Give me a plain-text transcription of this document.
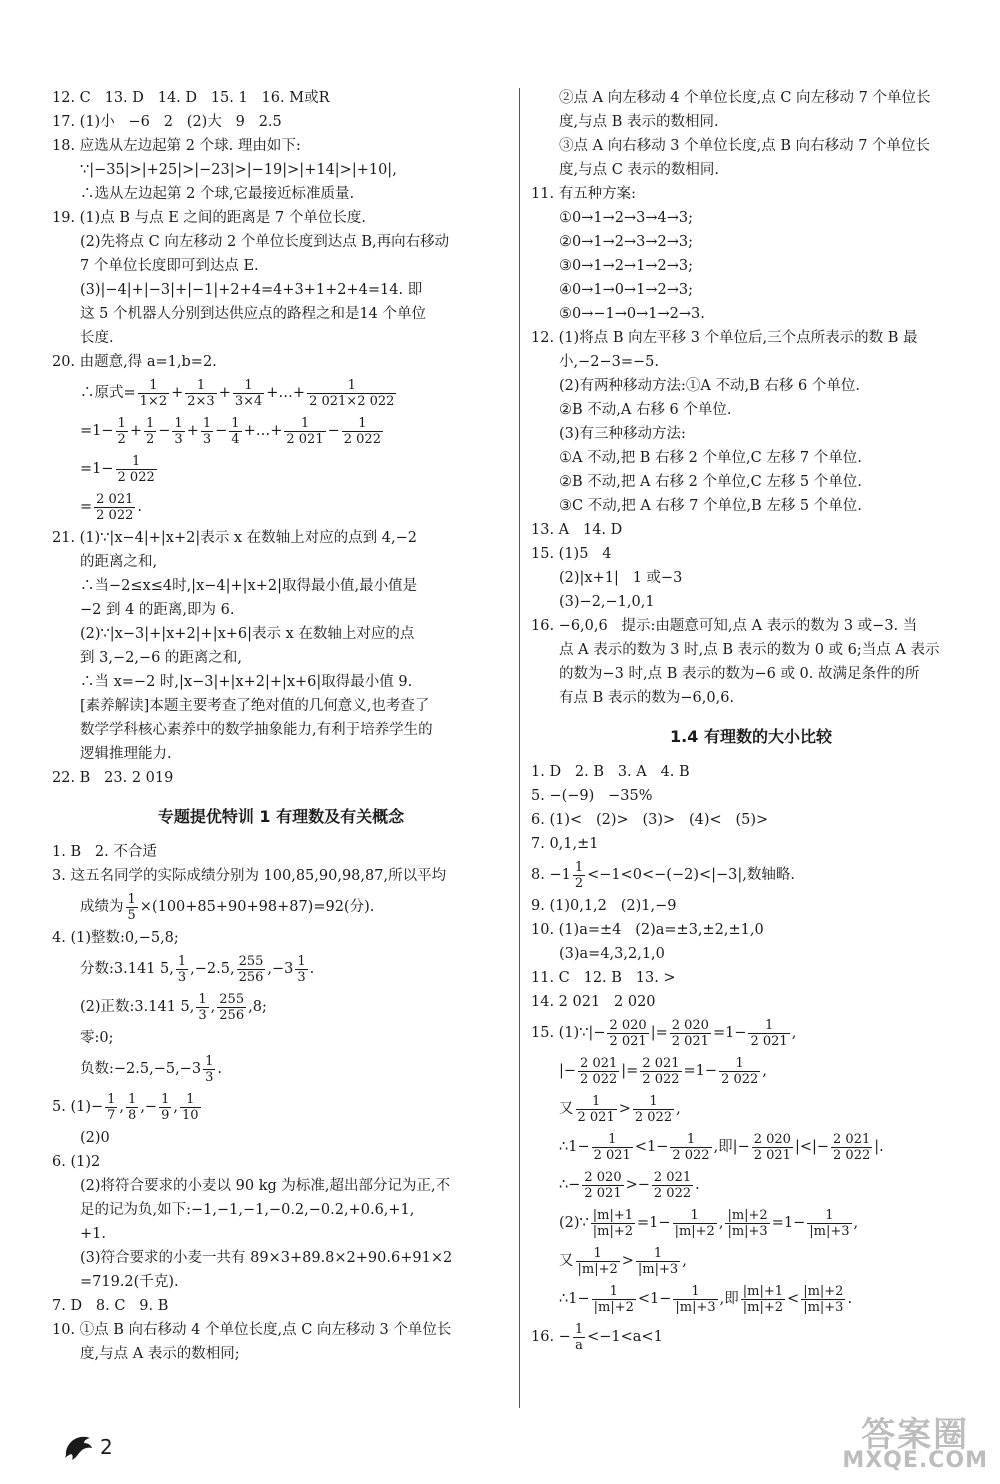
12. C   13. D   14. D   15. 1   16. M或R
17. (1)小   −6   2   (2)大   9   2.5
18. 应选从左边起第 2 个球. 理由如下:
∵|−35|>|+25|>|−23|>|−19|>|+14|>|+10|,
∴选从左边起第 2 个球,它最接近标准质量.
19. (1)点 B 与点 E 之间的距离是 7 个单位长度.
(2)先将点 C 向左移动 2 个单位长度到达点 B,再向右移动
7 个单位长度即可到达点 E.
(3)|−4|+|−3|+|−1|+2+4=4+3+1+2+4=14. 即
这 5 个机器人分别到达供应点的路程之和是14 个单位
长度.
20. 由题意,得 a=1,b=2.
∴原式= $\frac{1}{1\times 2} + \frac{1}{2\times 3} + \frac{1}{3\times 4}$ +…+ $\frac{1}{2 021\times 2 022}$
$=1- \frac{1}{2} + \frac{1}{2} - \frac{1}{3} + \frac{1}{3} - \frac{1}{4}$ +…+ $\frac{1}{2 021} - \frac{1}{2 022}$
$=1- \frac{1}{2 022}$
= $\frac{2 021}{2 022}$ .
21. (1)∵|x−4|+|x+2|表示 x 在数轴上对应的点到 4,−2
的距离之和,
∴当−2≤x≤4时,|x−4|+|x+2|取得最小值,最小值是
−2 到 4 的距离,即为 6.
(2)∵|x−3|+|x+2|+|x+6|表示 x 在数轴上对应的点
到 3,−2,−6 的距离之和,
∴当 x=−2 时,|x−3|+|x+2|+|x+6|取得最小值 9.
[素养解读]本题主要考查了绝对值的几何意义,也考查了
数学学科核心素养中的数学抽象能力,有利于培养学生的
逻辑推理能力.
22. B   23. 2 019
专题提优特训 1 有理数及有关概念
1. B   2. 不合适
3. 这五名同学的实际成绩分别为 100,85,90,98,87,所以平均
成绩为 $\frac{1}{5} \times(100+85+90+98+87)=92$(分).
4. (1)整数:0,−5,8;
分数:3.141 5, $\frac{1}{3} ,-2.5$, $\frac{255}{256} ,-3 \frac{1}{3}$ .
(2)正数:3.141 5, $\frac{1}{3}$ , $\frac{255}{256} ,8$;
零:0;
负数:−2.5,−5,−3 $\frac{1}{3}$ .
5. $(1)- \frac{1}{7}$ , $\frac{1}{8}$ ,− $\frac{1}{9}$ , $\frac{1}{10}$
(2)0
6. (1)2
(2)将符合要求的小麦以 90 kg 为标准,超出部分记为正,不
足的记为负,如下:−1,−1,−1,−0.2,−0.2,+0.6,+1,
+1.
(3)符合要求的小麦一共有 89×3+89.8×2+90.6+91×2
=719.2(千克).
7. D   8. C   9. B
10. ①点 B 向右移动 4 个单位长度,点 C 向左移动 3 个单位长
度,与点 A 表示的数相同;
②点 A 向左移动 4 个单位长度,点 C 向左移动 7 个单位长
度,与点 B 表示的数相同.
③点 A 向右移动 3 个单位长度,点 B 向右移动 7 个单位长
度,与点 C 表示的数相同.
11. 有五种方案:
①0→1→2→3→4→3;
②0→1→2→3→2→3;
③0→1→2→1→2→3;
④0→1→0→1→2→3;
⑤0→−1→0→1→2→3.
12. (1)将点 B 向左平移 3 个单位后,三个点所表示的数 B 最
小,−2−3=−5.
(2)有两种移动方法:①A 不动,B 右移 6 个单位.
②B 不动,A 右移 6 个单位.
(3)有三种移动方法:
①A 不动,把 B 右移 2 个单位,C 左移 7 个单位.
②B 不动,把 A 右移 2 个单位,C 左移 5 个单位.
③C 不动,把 A 右移 7 个单位,B 左移 5 个单位.
13. A   14. D
15. (1)5   4
(2)|x+1|   1 或−3
(3)−2,−1,0,1
16. −6,0,6   提示:由题意可知,点 A 表示的数为 3 或−3. 当
点 A 表示的数为 3 时,点 B 表示的数为 0 或 6;当点 A 表示
的数为−3 时,点 B 表示的数为−6 或 0. 故满足条件的所
有点 B 表示的数为−6,0,6.
1.4 有理数的大小比较
1. D   2. B   3. A   4. B
5. −(−9)   −35%
6. (1)<   (2)>   (3)>   (4)<   (5)>
7. 0,1,±1
8. $-1 \frac{1}{2} <-1<0<-(-2)<|-3|$,数轴略.
9. (1)0,1,2   (2)1,−9
10. (1)a=±4   (2)a=±3,±2,±1,0
(3)a=4,3,2,1,0
11. C   12. B   13. >
14. 2 021   2 020
15. (1)∵|− $\frac{2 020}{2 021}$ |= $\frac{2 020}{2 021} =1- \frac{1}{2 021}$ ,
|− $\frac{2 021}{2 022}$ |= $\frac{2 021}{2 022} =1- \frac{1}{2 022}$ ,
又 $\frac{1}{2 021} > \frac{1}{2 022}$ ,
∴1− $\frac{1}{2 021} <1- \frac{1}{2 022}$ ,即|− $\frac{2 020}{2 021}$ |<|− $\frac{2 021}{2 022}$ |.
∴− $\frac{2 020}{2 021} >- \frac{2 021}{2 022}$ .
(2)∵ $\frac{|m|+1}{|m|+2} =1- \frac{1}{|m|+2}$ , $\frac{|m|+2}{|m|+3} =1- \frac{1}{|m|+3}$ ,
又 $\frac{1}{|m|+2} > \frac{1}{|m|+3}$ ,
∴1− $\frac{1}{|m|+2} <1- \frac{1}{|m|+3}$ ,即 $\frac{|m|+1}{|m|+2} < \frac{|m|+2}{|m|+3}$ .
16. − $\frac{1}{a} <-1<a<1$
2	答案圈
MXQE.COM
